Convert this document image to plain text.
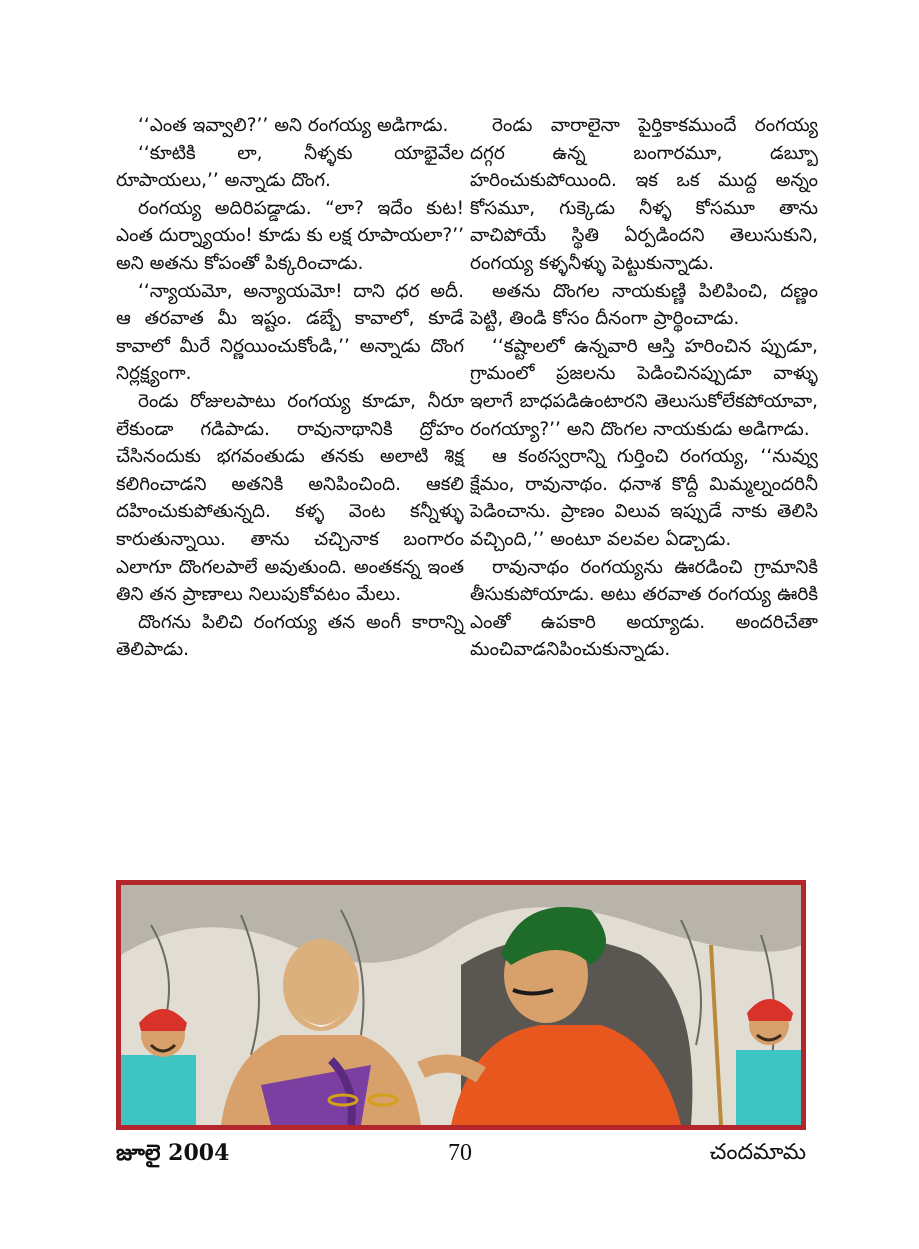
‘‘ఎంత ఇవ్వాలి?’’ అని రంగయ్య అడిగాడు.

‘‘కూటికి లా, నీళ్ళకు యాభైవేల రూపాయలు,’’ అన్నాడు దొంగ.

రంగయ్య అదిరిపడ్డాడు. “లా? ఇదేం కుట! ఎంత దుర్న్యాయం! కూడు కు లక్ష రూపాయలా?’’ అని అతను కోపంతో పిక్కరించాడు.

‘‘న్యాయమో, అన్యాయమో! దాని ధర అదీ. ఆ తరవాత మీ ఇష్టం. డబ్బే కావాలో, కూడే కావాలో మీరే నిర్ణయించుకోండి,’’ అన్నాడు దొంగ నిర్లక్ష్యంగా.

రెండు రోజులపాటు రంగయ్య కూడూ, నీరూ లేకుండా గడిపాడు. రావునాథానికి ద్రోహం చేసినందుకు భగవంతుడు తనకు అలాటి శిక్ష కలిగించాడని అతనికి అనిపించింది. ఆకలి దహించుకుపోతున్నది. కళ్ళ వెంట కన్నీళ్ళు కారుతున్నాయి. తాను చచ్చినాక బంగారం ఎలాగూ దొంగలపాలే అవుతుంది. అంతకన్న ఇంత తిని తన ప్రాణాలు నిలుపుకోవటం మేలు.

దొంగను పిలిచి రంగయ్య తన అంగీ కారాన్ని తెలిపాడు.

రెండు వారాలైనా పైర్తికాకముందే రంగయ్య దగ్గర ఉన్న బంగారమూ, డబ్బూ హరించుకుపోయింది. ఇక ఒక ముద్ద అన్నం కోసమూ, గుక్కెడు నీళ్ళ కోసమూ తాను వాచిపోయే స్థితి ఏర్పడిందని తెలుసుకుని, రంగయ్య కళ్ళనీళ్ళు పెట్టుకున్నాడు.

అతను దొంగల నాయకుణ్ణి పిలిపించి, దణ్ణం పెట్టి, తిండి కోసం దీనంగా ప్రార్థించాడు.

‘‘కష్టాలలో ఉన్నవారి ఆస్తి హరించిన ప్పుడూ, గ్రామంలో ప్రజలను పెడించినప్పుడూ వాళ్ళు ఇలాగే బాధపడిఉంటారని తెలుసుకోలేకపోయావా, రంగయ్యా?’’ అని దొంగల నాయకుడు అడిగాడు.

ఆ కంఠస్వరాన్ని గుర్తించి రంగయ్య, ‘‘నువ్వు క్షేమం, రావునాథం. ధనాశ కొద్దీ మిమ్మల్నందరినీ పెడించాను. ప్రాణం విలువ ఇప్పుడే నాకు తెలిసి వచ్చింది,’’ అంటూ వలవల ఏడ్చాడు.

రావునాథం రంగయ్యను ఊరడించి గ్రామానికి తీసుకుపోయాడు. అటు తరవాత రంగయ్య ఊరికి ఎంతో ఉపకారి అయ్యాడు. అందరిచేతా మంచివాడనిపించుకున్నాడు.

జూలై 2004	70	చందమామ
